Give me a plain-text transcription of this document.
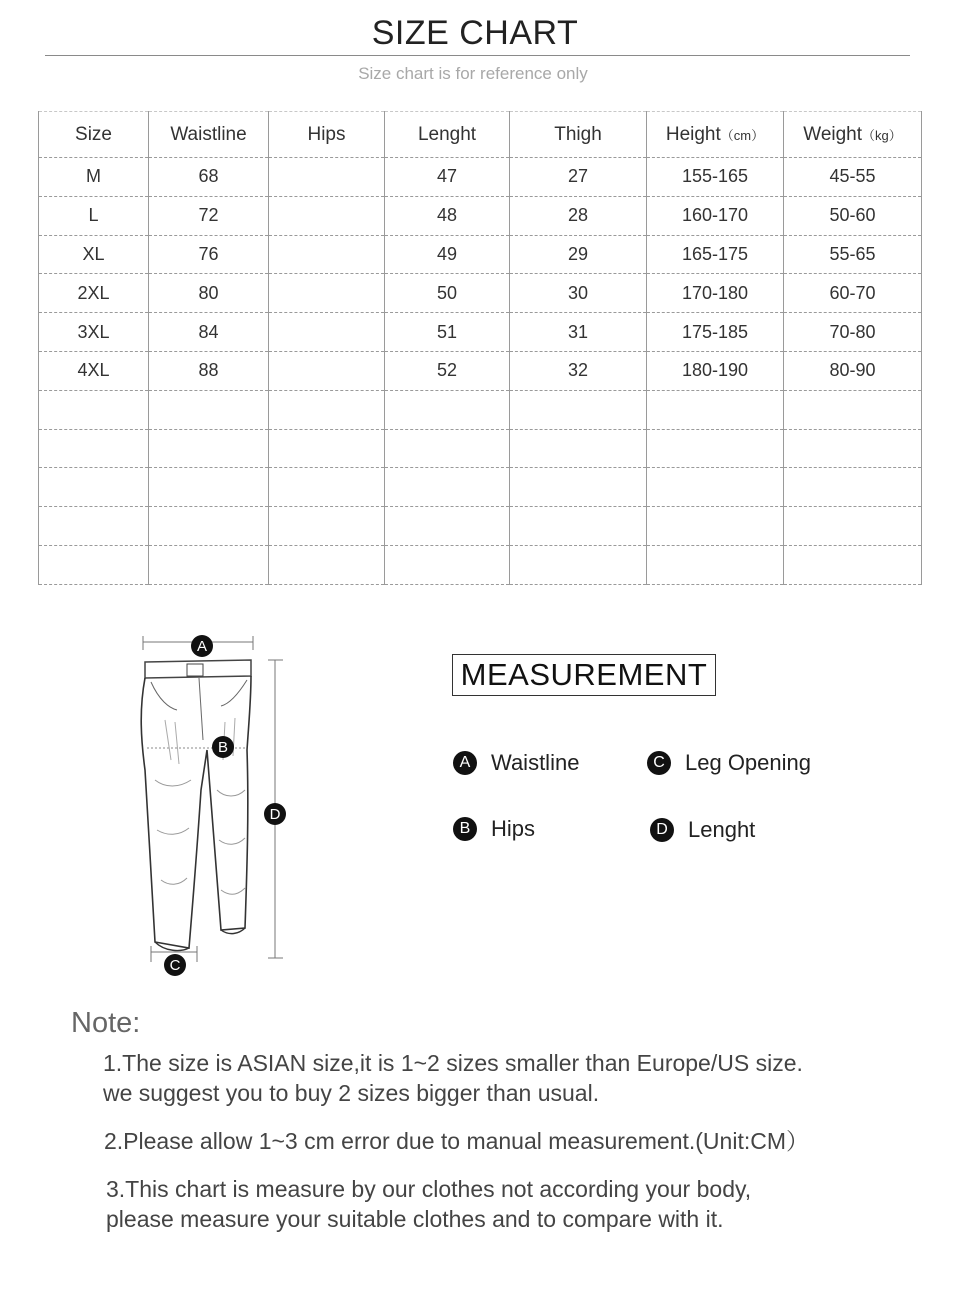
SIZE CHART
Size chart is for reference only
Size	Waistline	Hips	Lenght	Thigh	Height（cm）	Weight（kg）
M	68		47	27	155-165	45-55
L	72		48	28	160-170	50-60
XL	76		49	29	165-175	55-65
2XL	80		50	30	170-180	60-70
3XL	84		51	31	175-185	70-80
4XL	88		52	32	180-190	80-90

A
B
C
D
MEASUREMENT
A Waistline
B Hips
C Leg Opening
D Lenght
Note:
1.The size is ASIAN size,it is 1~2 sizes smaller than Europe/US size.
we suggest you to buy 2 sizes bigger than usual.
2.Please allow 1~3 cm error due to manual measurement.(Unit:CM）
3.This chart is measure by our clothes not according your body,
please measure your suitable clothes and to compare with it.
